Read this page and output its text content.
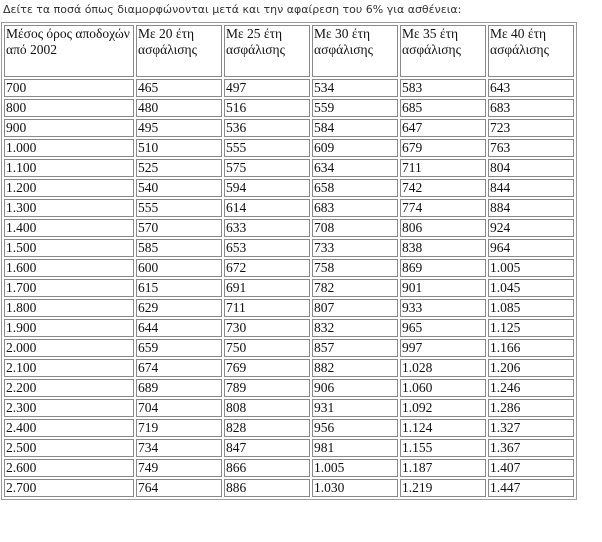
Δείτε τα ποσά όπως διαμορφώνονται μετά και την αφαίρεση του 6% για ασθένεια:
Μέσος όρος αποδοχών από 2002	Με 20 έτη ασφάλισης	Με 25 έτη ασφάλισης	Με 30 έτη ασφάλισης	Με 35 έτη ασφάλισης	Με 40 έτη ασφάλισης
700	465	497	534	583	643
800	480	516	559	685	683
900	495	536	584	647	723
1.000	510	555	609	679	763
1.100	525	575	634	711	804
1.200	540	594	658	742	844
1.300	555	614	683	774	884
1.400	570	633	708	806	924
1.500	585	653	733	838	964
1.600	600	672	758	869	1.005
1.700	615	691	782	901	1.045
1.800	629	711	807	933	1.085
1.900	644	730	832	965	1.125
2.000	659	750	857	997	1.166
2.100	674	769	882	1.028	1.206
2.200	689	789	906	1.060	1.246
2.300	704	808	931	1.092	1.286
2.400	719	828	956	1.124	1.327
2.500	734	847	981	1.155	1.367
2.600	749	866	1.005	1.187	1.407
2.700	764	886	1.030	1.219	1.447
